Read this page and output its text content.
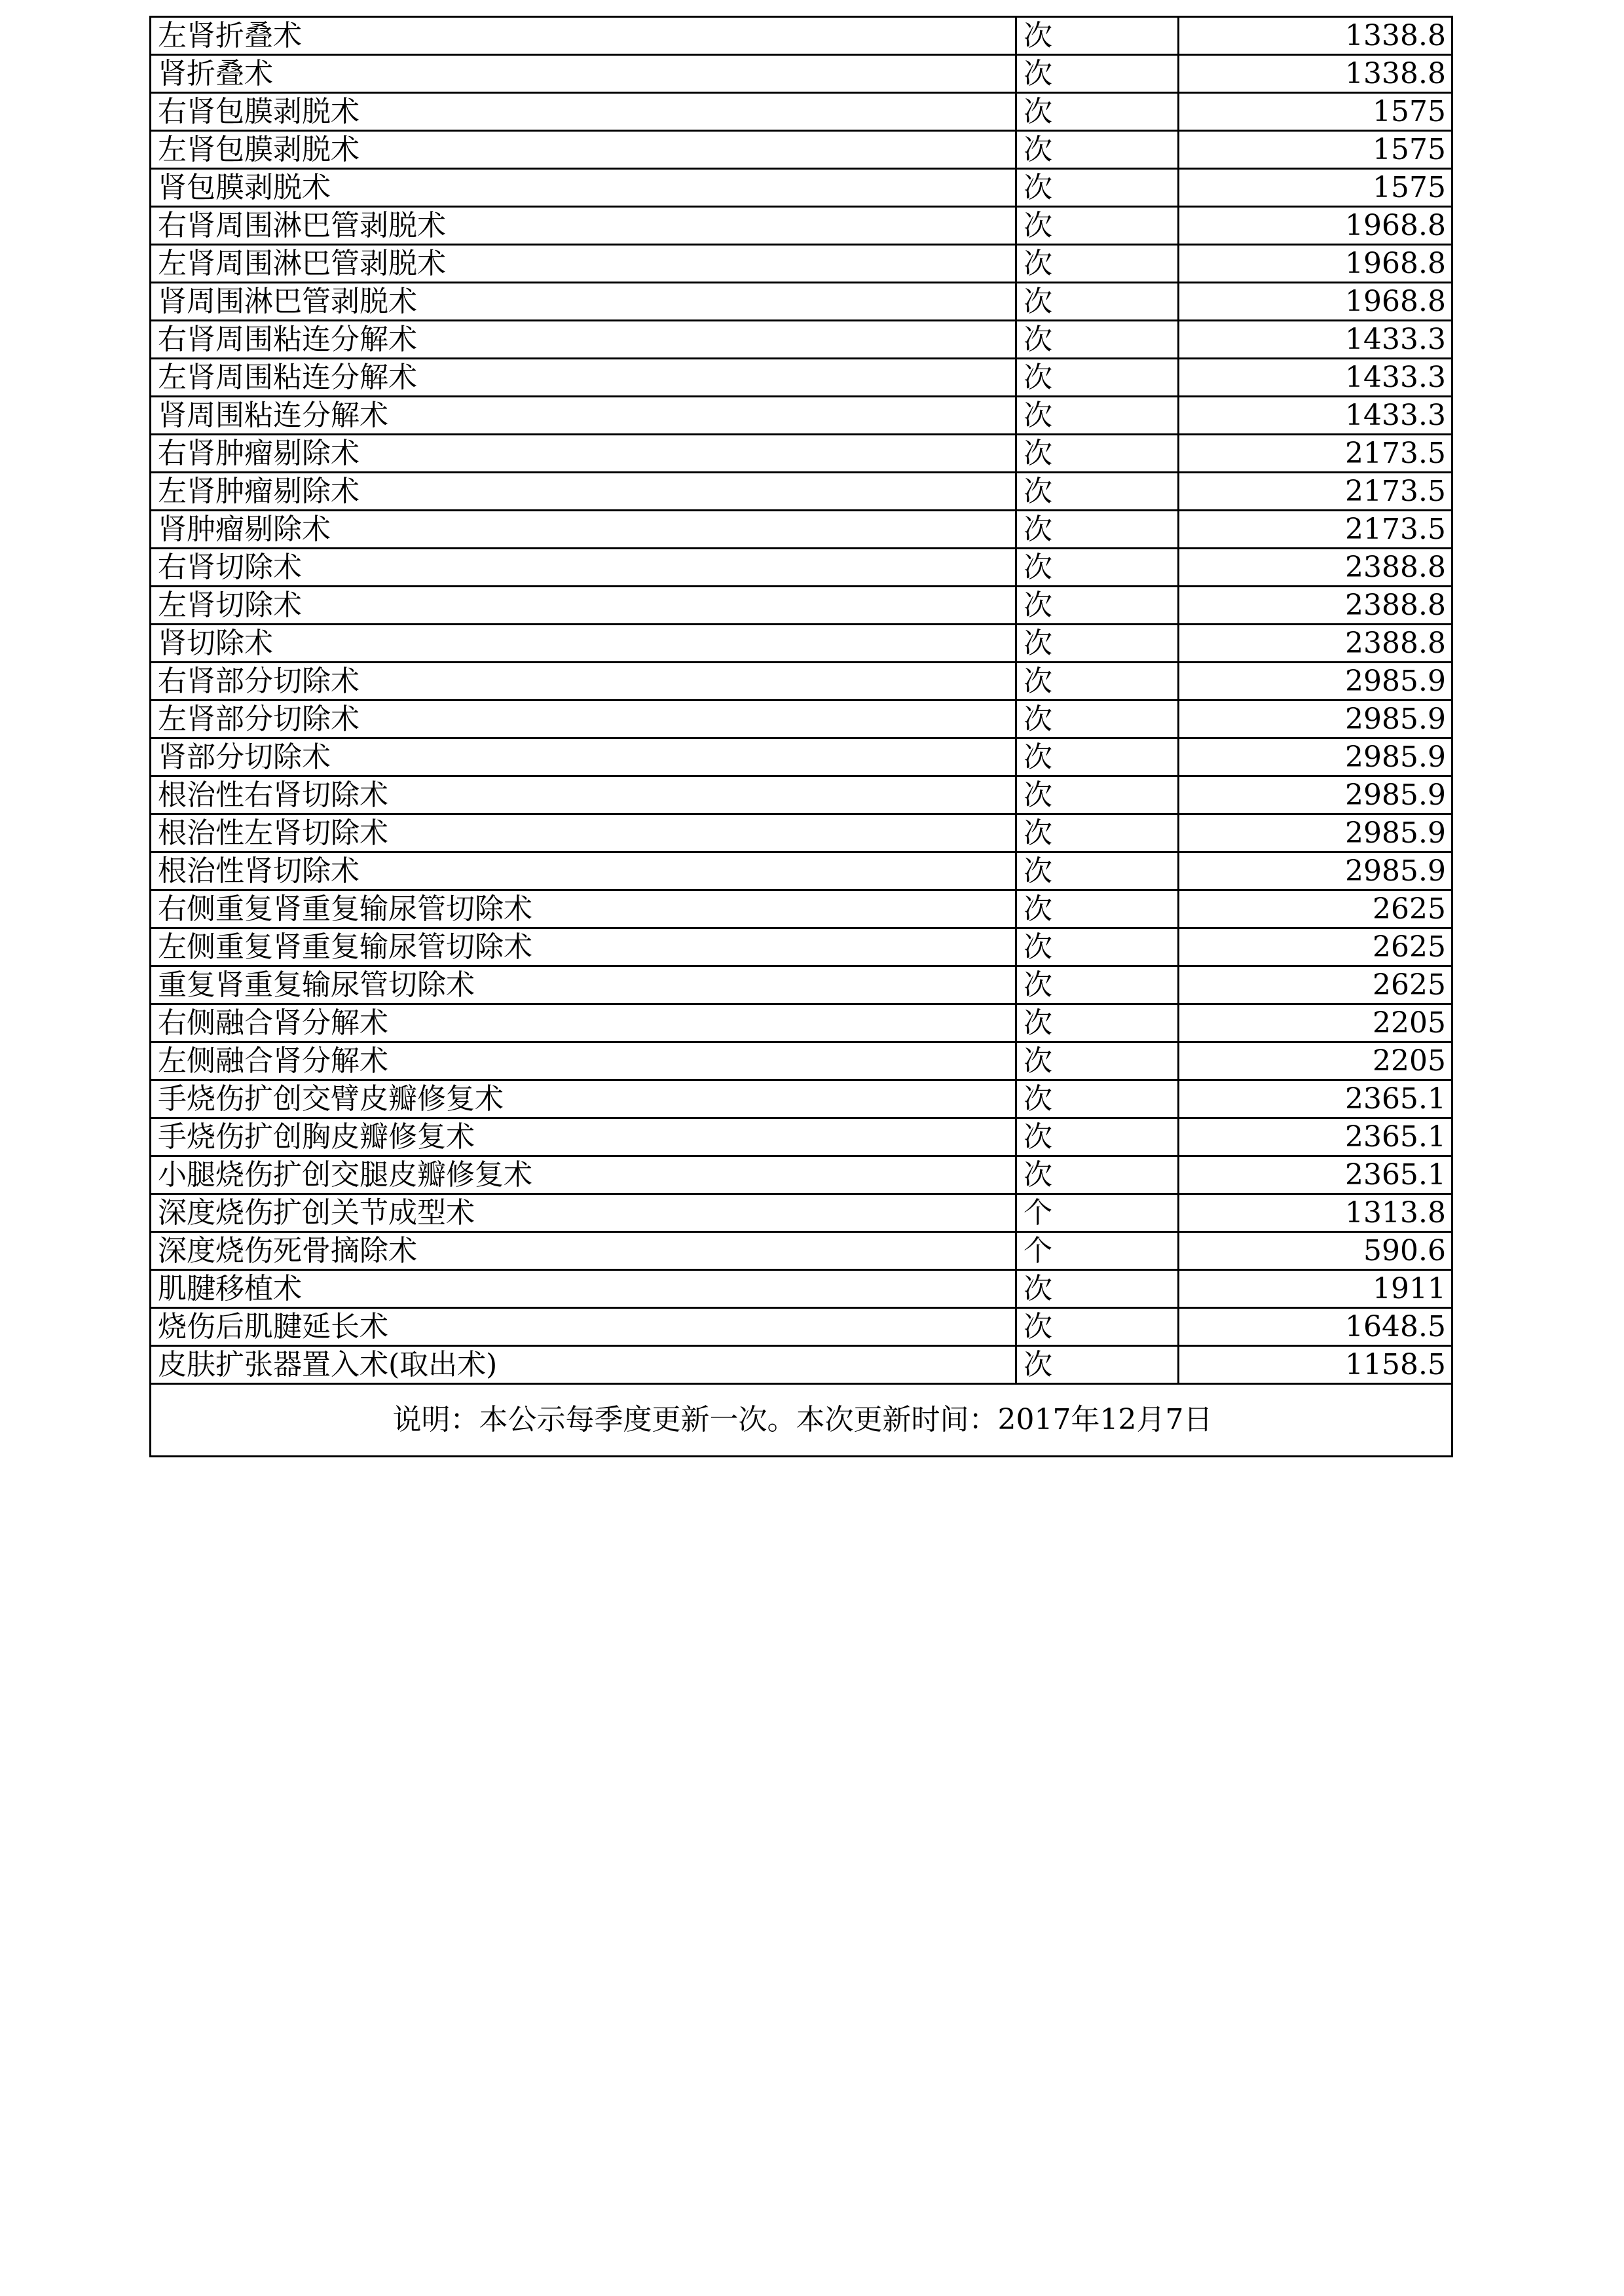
左肾折叠术	次	1338.8
肾折叠术	次	1338.8
右肾包膜剥脱术	次	1575
左肾包膜剥脱术	次	1575
肾包膜剥脱术	次	1575
右肾周围淋巴管剥脱术	次	1968.8
左肾周围淋巴管剥脱术	次	1968.8
肾周围淋巴管剥脱术	次	1968.8
右肾周围粘连分解术	次	1433.3
左肾周围粘连分解术	次	1433.3
肾周围粘连分解术	次	1433.3
右肾肿瘤剔除术	次	2173.5
左肾肿瘤剔除术	次	2173.5
肾肿瘤剔除术	次	2173.5
右肾切除术	次	2388.8
左肾切除术	次	2388.8
肾切除术	次	2388.8
右肾部分切除术	次	2985.9
左肾部分切除术	次	2985.9
肾部分切除术	次	2985.9
根治性右肾切除术	次	2985.9
根治性左肾切除术	次	2985.9
根治性肾切除术	次	2985.9
右侧重复肾重复输尿管切除术	次	2625
左侧重复肾重复输尿管切除术	次	2625
重复肾重复输尿管切除术	次	2625
右侧融合肾分解术	次	2205
左侧融合肾分解术	次	2205
手烧伤扩创交臂皮瓣修复术	次	2365.1
手烧伤扩创胸皮瓣修复术	次	2365.1
小腿烧伤扩创交腿皮瓣修复术	次	2365.1
深度烧伤扩创关节成型术	个	1313.8
深度烧伤死骨摘除术	个	590.6
肌腱移植术	次	1911
烧伤后肌腱延长术	次	1648.5
皮肤扩张器置入术(取出术)	次	1158.5
说明：本公示每季度更新一次。本次更新时间：2017年12月7日		
